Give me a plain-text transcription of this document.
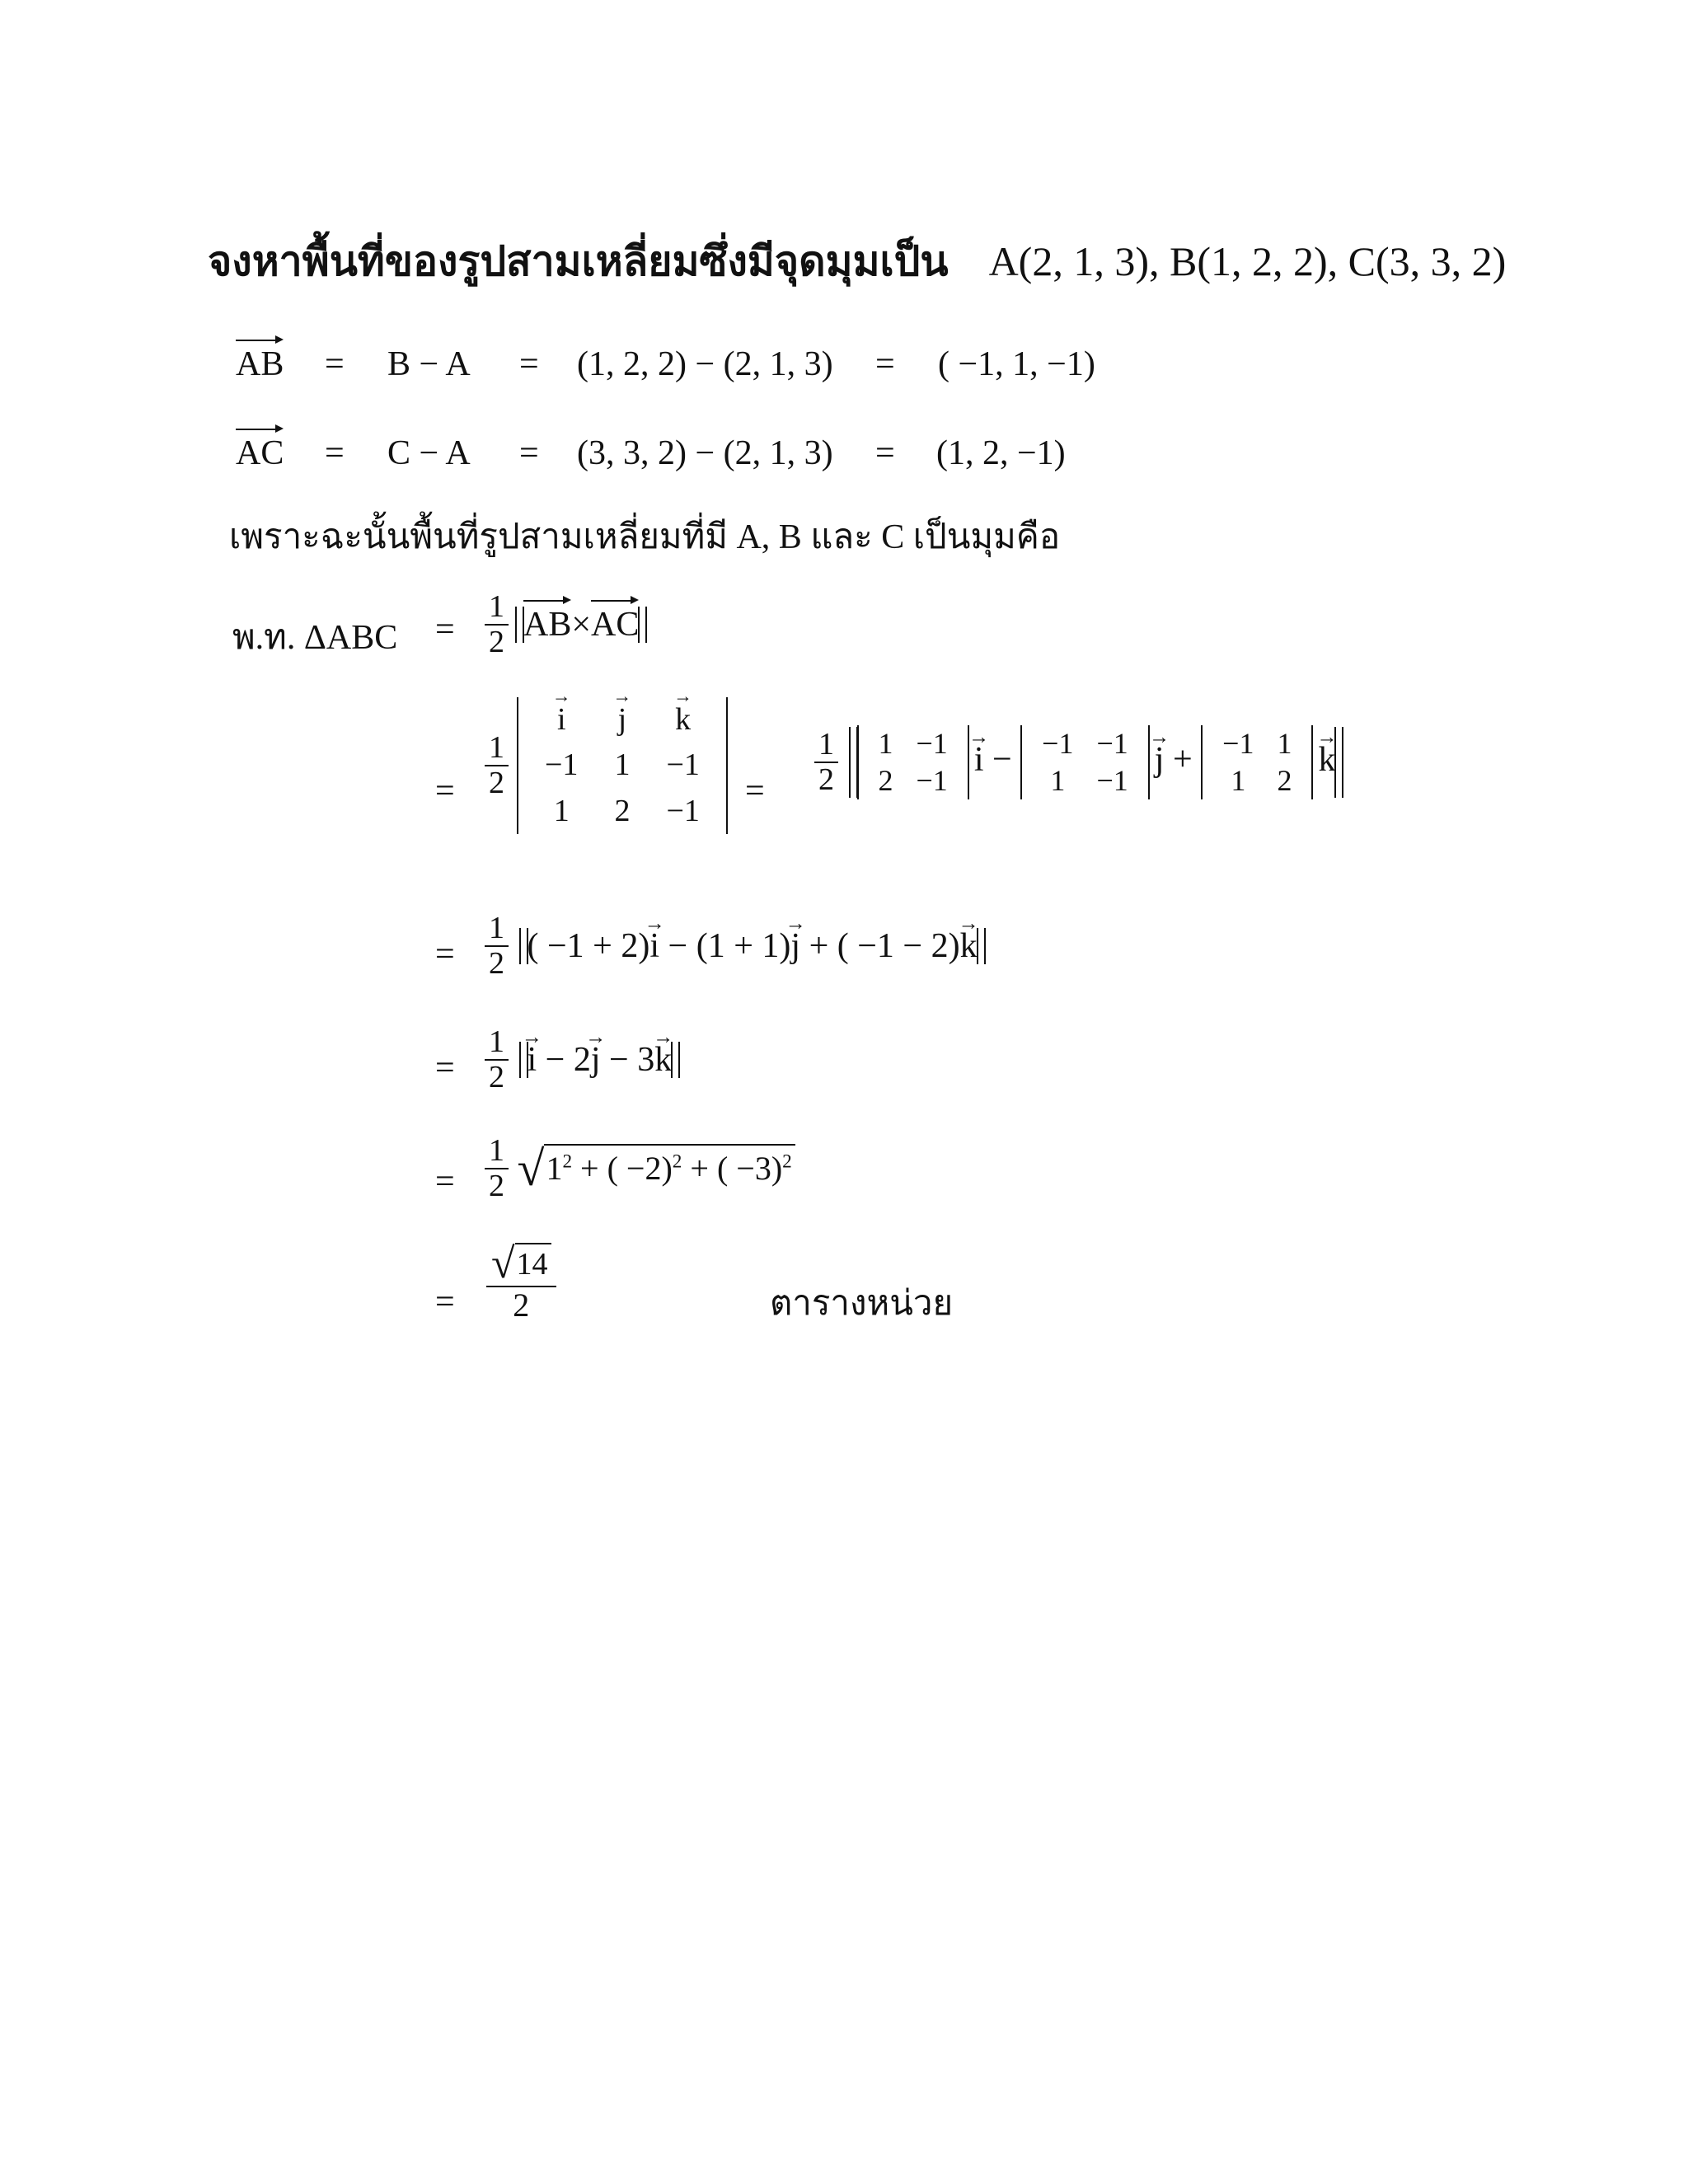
จงหาพื้นที่ของรูปสามเหลี่ยมซึ่งมีจุดมุมเป็น A(2, 1, 3), B(1, 2, 2), C(3, 3, 2)
AB = B − A = (1, 2, 2) − (2, 1, 3) = ( −1, 1, −1)
AC = C − A = (3, 3, 2) − (2, 1, 3) = (1, 2, −1)
เพราะฉะนั้นพื้นที่รูปสามเหลี่ยมที่มี A, B และ C เป็นมุมคือ
พ.ท. $\Delta ABC = \frac{1}{2} AB\times AC$
= $\frac{1}{2}$

i →	j →	k →
−1	1	−1
1	2	−1
= $\frac{1}{2}$
1	−1
2	−1
i → − −1	−1
1	−1
j → + −1	1
1	2
k →
= $\frac{1}{2}$ ( −1 + 2)i → − (1 + 1)j → + ( −1 − 2)k →
= $\frac{1}{2}$ i → − 2j → − 3k →
= $\frac{1}{2}$
√ $1^2$ + ( −2)$^2$ + ( −3)$^2$
= $\frac{√ 14}{2}$	ตารางหน่วย
